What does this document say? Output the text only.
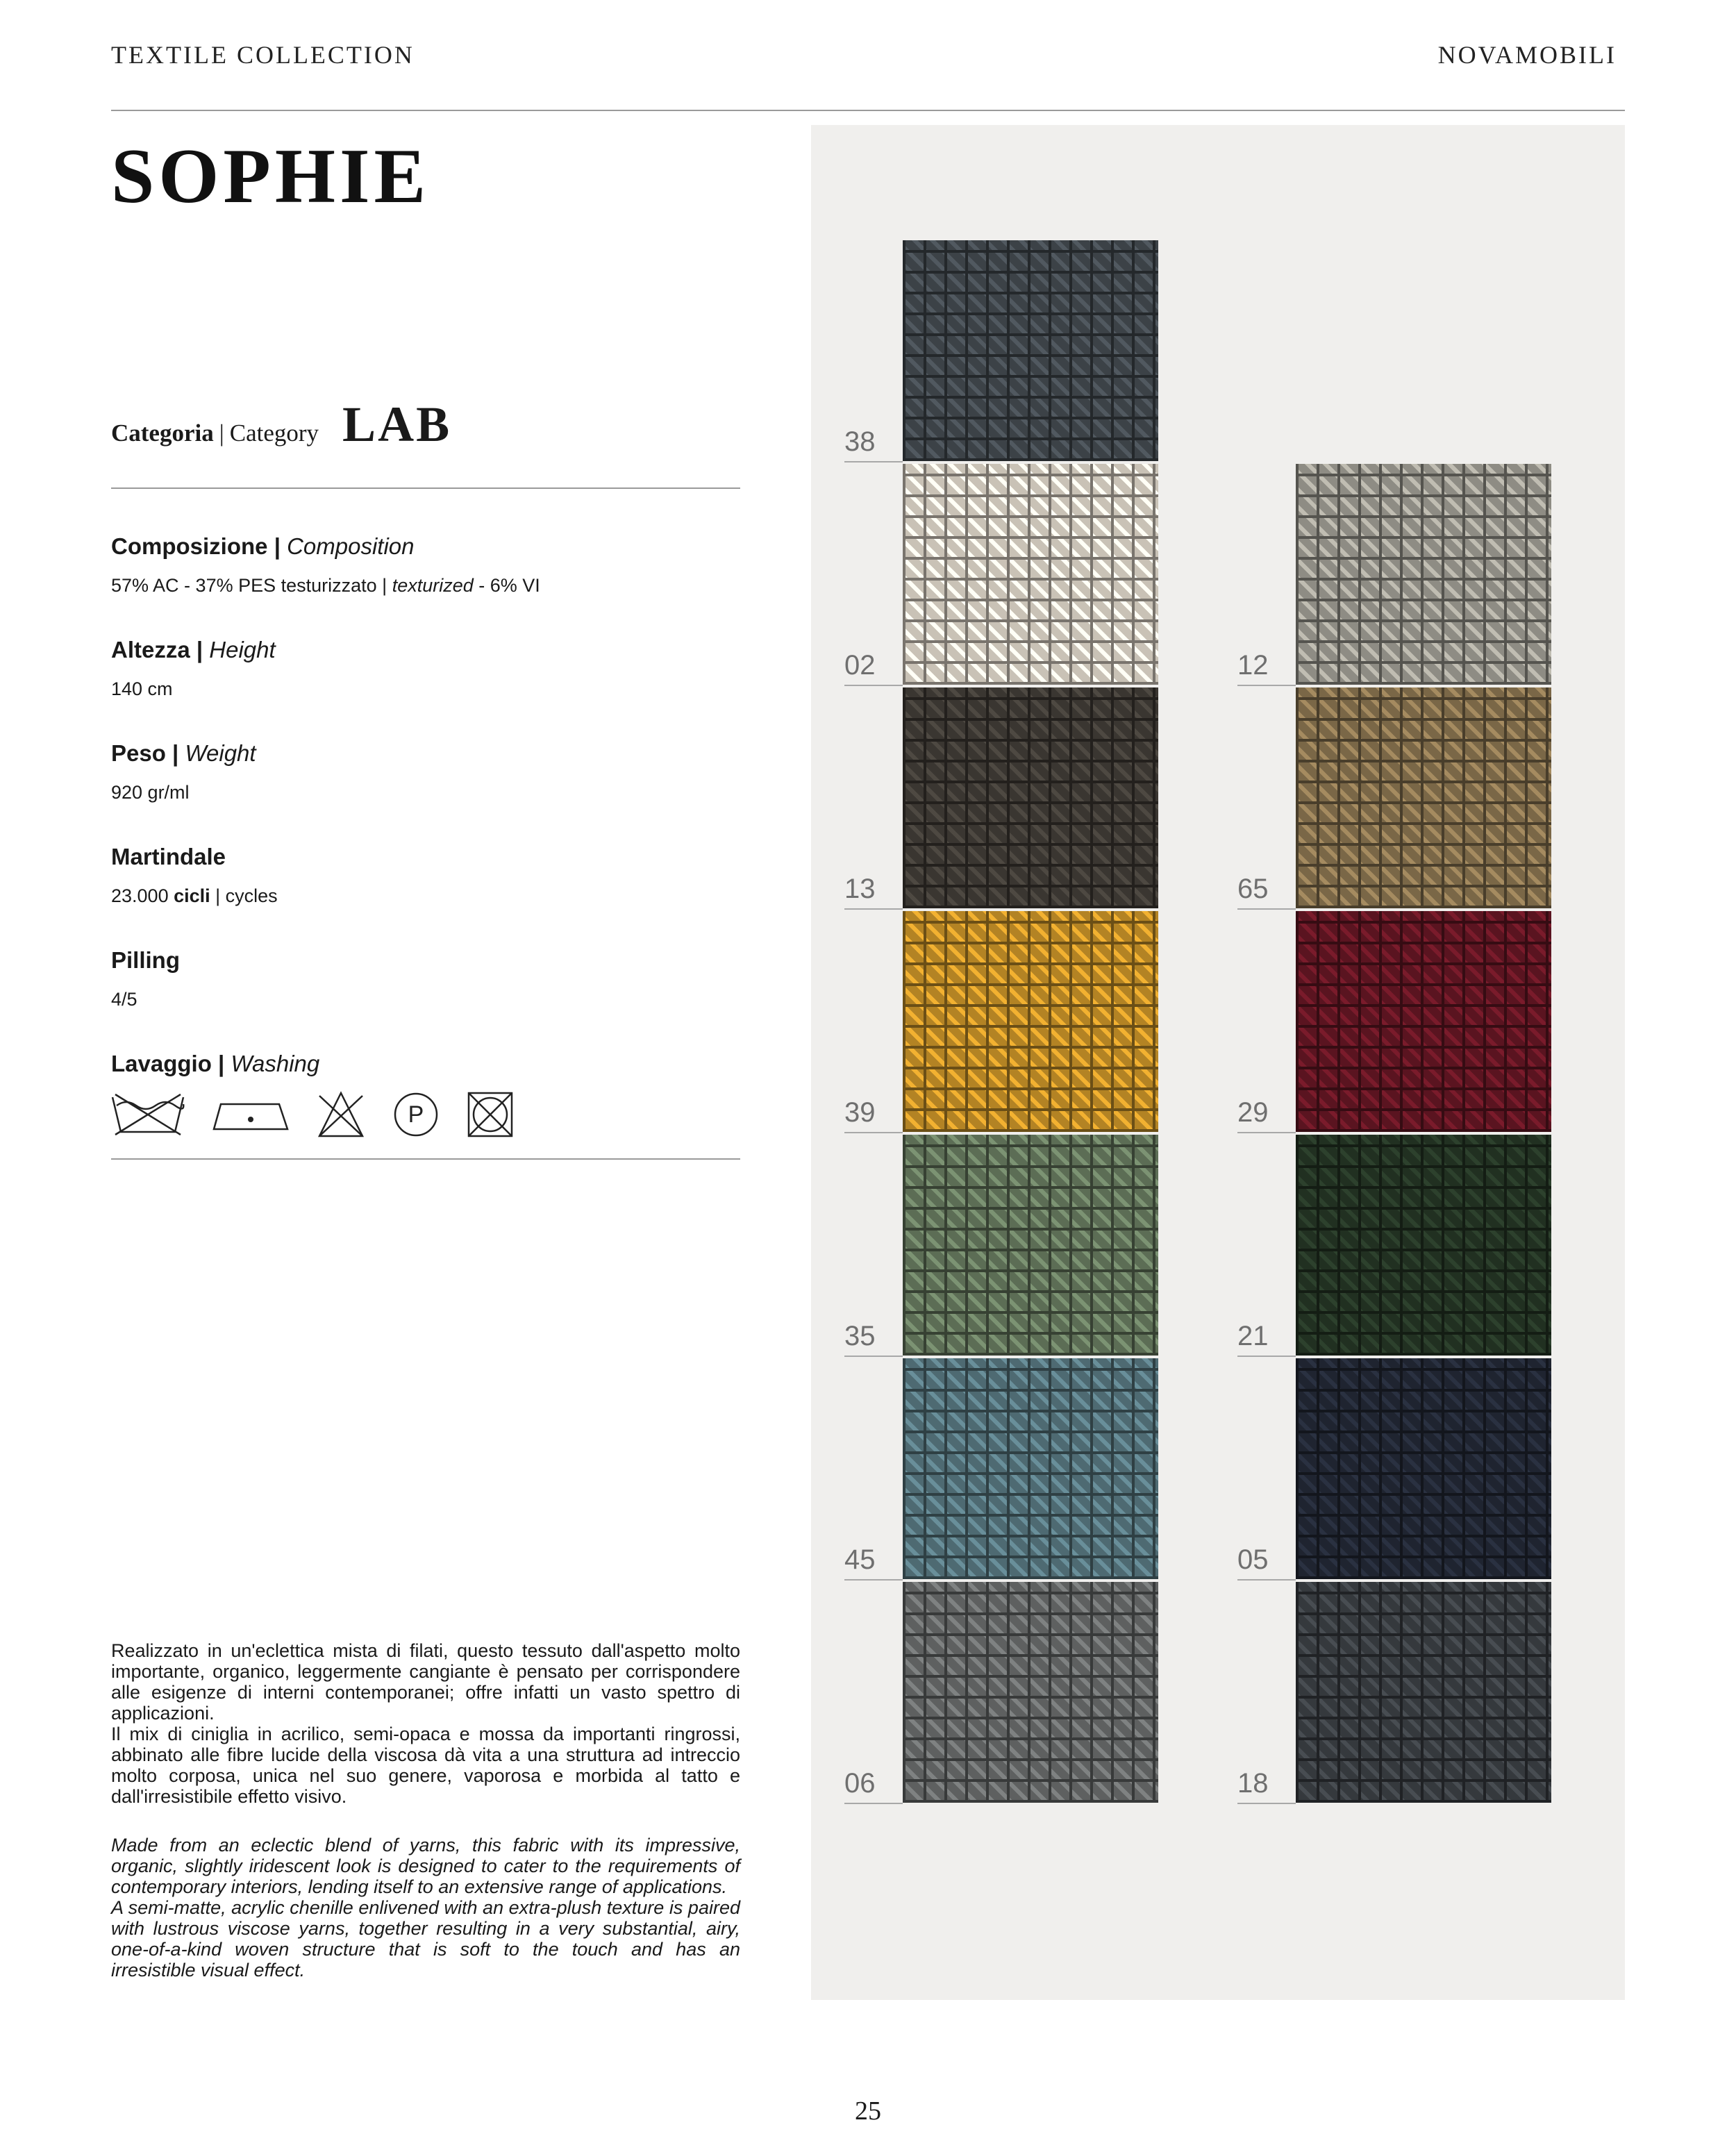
TEXTILE COLLECTION	NOVAMOBILI
SOPHIE
Categoria | Category LAB
Composizione | Composition
57% AC - 37% PES testurizzato | texturized - 6% VI
Altezza | Height
140 cm
Peso | Weight
920 gr/ml
Martindale
23.000 cicli | cycles
Pilling
4/5
Lavaggio | Washing
P

Realizzato in un'eclettica mista di filati, questo tessuto dall'aspetto molto importante, organico, leggermente cangiante è pensato per corrispondere alle esigenze di interni contemporanei; offre infatti un vasto spettro di applicazioni.

Il mix di ciniglia in acrilico, semi-opaca e mossa da importanti ringrossi, abbinato alle fibre lucide della viscosa dà vita a una struttura ad intreccio molto corposa, unica nel suo genere, vaporosa e morbida al tatto e dall'irresistibile effetto visivo.

Made from an eclectic blend of yarns, this fabric with its impressive, organic, slightly iridescent look is designed to cater to the requirements of contemporary interiors, lending itself to an extensive range of applications.

A semi-matte, acrylic chenille enlivened with an extra-plush texture is paired with lustrous viscose yarns, together resulting in a very substantial, airy, one-of-a-kind woven structure that is soft to the touch and has an irresistible visual effect.

38
02
13
39
35
45
06
12
65
29
21
05
18
25
